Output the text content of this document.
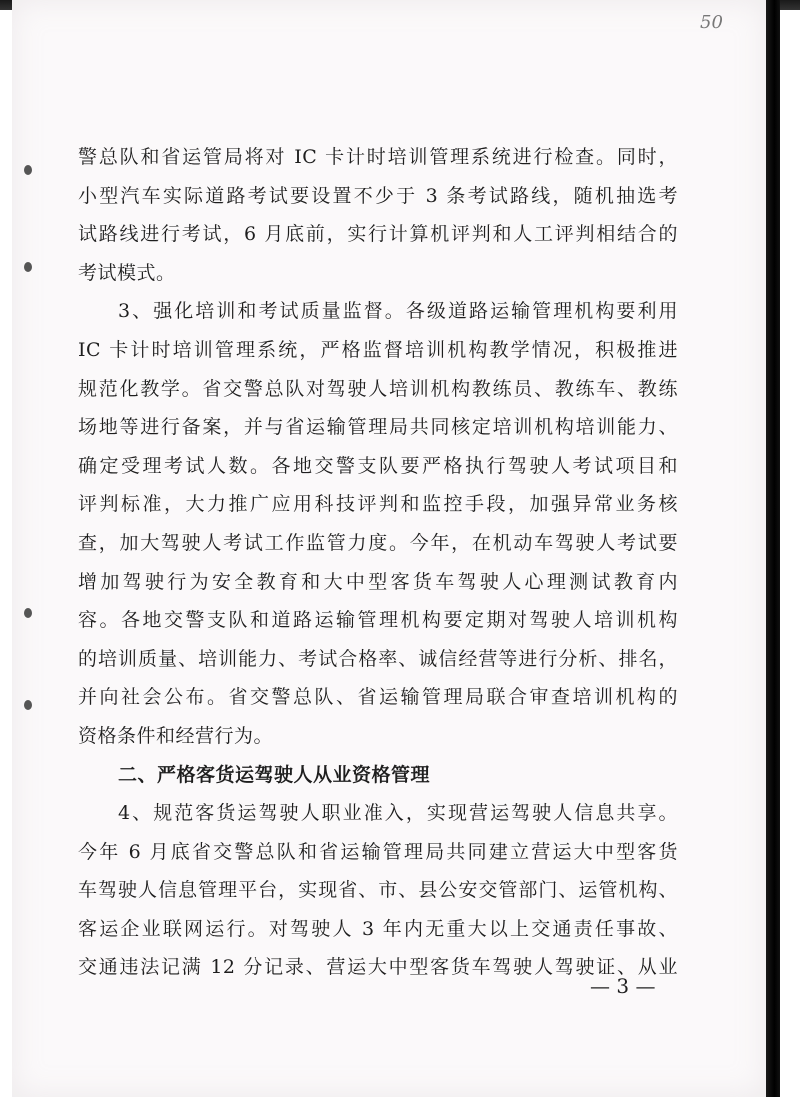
50
警总队和省运管局将对 IC 卡计时培训管理系统进行检查。同时，
小型汽车实际道路考试要设置不少于 3 条考试路线，随机抽选考
试路线进行考试，6 月底前，实行计算机评判和人工评判相结合的
考试模式。
3、强化培训和考试质量监督。各级道路运输管理机构要利用
IC 卡计时培训管理系统，严格监督培训机构教学情况，积极推进
规范化教学。省交警总队对驾驶人培训机构教练员、教练车、教练
场地等进行备案，并与省运输管理局共同核定培训机构培训能力、
确定受理考试人数。各地交警支队要严格执行驾驶人考试项目和
评判标准，大力推广应用科技评判和监控手段，加强异常业务核
查，加大驾驶人考试工作监管力度。今年，在机动车驾驶人考试要
增加驾驶行为安全教育和大中型客货车驾驶人心理测试教育内
容。各地交警支队和道路运输管理机构要定期对驾驶人培训机构
的培训质量、培训能力、考试合格率、诚信经营等进行分析、排名，
并向社会公布。省交警总队、省运输管理局联合审查培训机构的
资格条件和经营行为。
二、严格客货运驾驶人从业资格管理
4、规范客货运驾驶人职业准入，实现营运驾驶人信息共享。
今年 6 月底省交警总队和省运输管理局共同建立营运大中型客货
车驾驶人信息管理平台，实现省、市、县公安交管部门、运管机构、
客运企业联网运行。对驾驶人 3 年内无重大以上交通责任事故、
交通违法记满 12 分记录、营运大中型客货车驾驶人驾驶证、从业
— 3 —
